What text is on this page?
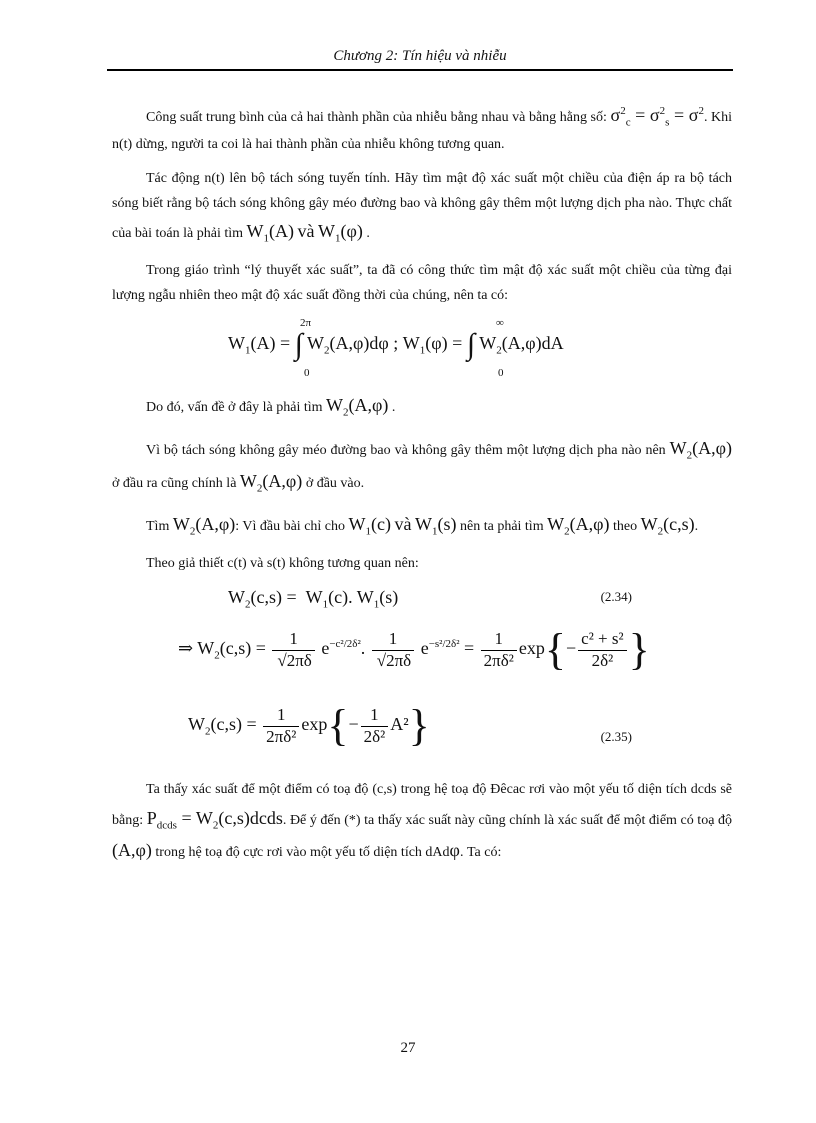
Chương 2: Tín hiệu và nhiễu

Công suất trung bình của cả hai thành phần của nhiễu bằng nhau và bằng hằng số: $\sigma^2_c = \sigma^2_s = \sigma^2$. Khi n(t) dừng, người ta coi là hai thành phần của nhiễu không tương quan.

Tác động n(t) lên bộ tách sóng tuyến tính. Hãy tìm mật độ xác suất một chiều của điện áp ra bộ tách sóng biết rằng bộ tách sóng không gây méo đường bao và không gây thêm một lượng dịch pha nào. Thực chất của bài toán là phải tìm $W_1(A)$ và $W_1(\varphi)$ .

Trong giáo trình “lý thuyết xác suất”, ta đã có công thức tìm mật độ xác suất một chiều của từng đại lượng ngẫu nhiên theo mật độ xác suất đồng thời của chúng, nên ta có:

2π
0
∞
0
$W_1(A)$ = ∫ $W_2(A,\varphi)d\varphi$ ; $W_1(\varphi)$ = ∫ $W_2(A,\varphi)dA$

Do đó, vấn đề ở đây là phải tìm $W_2(A,\varphi)$ .

Vì bộ tách sóng không gây méo đường bao và không gây thêm một lượng dịch pha nào nên $W_2(A,\varphi)$ ở đầu ra cũng chính là $W_2(A,\varphi)$ ở đầu vào.

Tìm $W_2(A,\varphi)$: Vì đầu bài chỉ cho $W_1(c)$ và $W_1(s)$ nên ta phải tìm $W_2(A,\varphi)$ theo $W_2(c,s)$.

Theo giả thiết c(t) và s(t) không tương quan nên:

$W_2(c,s) = W_1(c)$. $W_1(s)$	(2.34)
⇒ $W_2(c,s) = \frac{1}{√2\pi\delta} e^{-c^2/2\delta^2}$. $\frac{1}{√2\pi\delta} e^{-s^2/2\delta^2} = \frac{1}{\text{2πδ²}} \exp\{- \frac{\text{c² + s²}}{\text{2δ²}}$ }
$W_2(c,s) = \frac{1}{\text{2πδ²}} \exp\{- \frac{1}{\text{2δ²}} A^2\}$	(2.35)

Ta thấy xác suất để một điểm có toạ độ (c,s) trong hệ toạ độ Đêcac rơi vào một yếu tố diện tích dcds sẽ bằng: $P_{dcds}$ = $W_2(c,s)dcds$. Để ý đến (*) ta thấy xác suất này cũng chính là xác suất để một điểm có toạ độ (A,φ) trong hệ toạ độ cực rơi vào một yếu tố diện tích dAdφ. Ta có:

27
